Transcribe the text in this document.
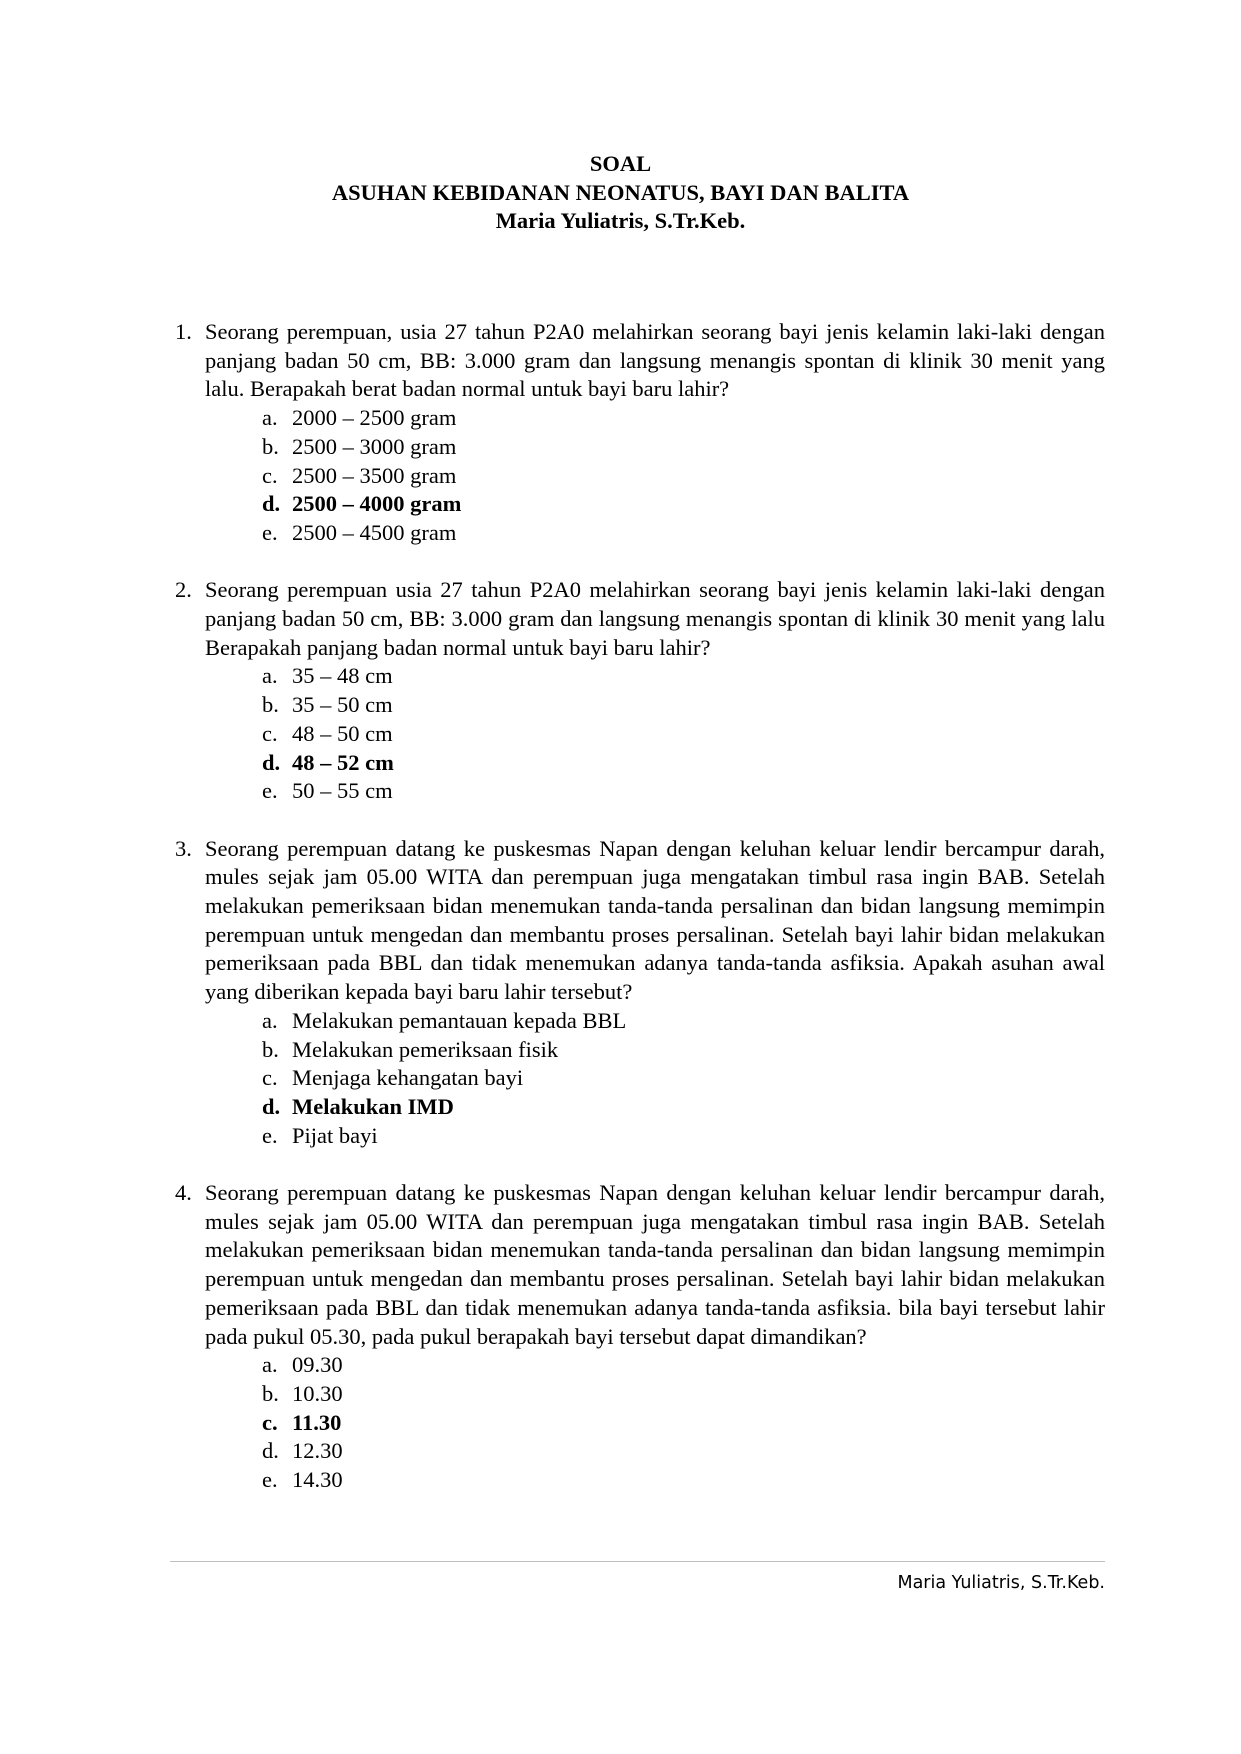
SOAL
ASUHAN KEBIDANAN NEONATUS, BAYI DAN BALITA
Maria Yuliatris, S.Tr.Keb.
1. Seorang perempuan, usia 27 tahun P2A0 melahirkan seorang bayi jenis kelamin laki-laki dengan panjang badan 50 cm, BB: 3.000 gram dan langsung menangis spontan di klinik 30 menit yang lalu. Berapakah berat badan normal untuk bayi baru lahir?
a. 2000 – 2500 gram
b. 2500 – 3000 gram
c. 2500 – 3500 gram
d. 2500 – 4000 gram
e. 2500 – 4500 gram
2. Seorang perempuan usia 27 tahun P2A0 melahirkan seorang bayi jenis kelamin laki-laki dengan panjang badan 50 cm, BB: 3.000 gram dan langsung menangis spontan di klinik 30 menit yang lalu Berapakah panjang badan normal untuk bayi baru lahir?
a. 35 – 48 cm
b. 35 – 50 cm
c. 48 – 50 cm
d. 48 – 52 cm
e. 50 – 55 cm
3. Seorang perempuan datang ke puskesmas Napan dengan keluhan keluar lendir bercampur darah, mules sejak jam 05.00 WITA dan perempuan juga mengatakan timbul rasa ingin BAB. Setelah melakukan pemeriksaan bidan menemukan tanda-tanda persalinan dan bidan langsung memimpin perempuan untuk mengedan dan membantu proses persalinan. Setelah bayi lahir bidan melakukan pemeriksaan pada BBL dan tidak menemukan adanya tanda-tanda asfiksia. Apakah asuhan awal yang diberikan kepada bayi baru lahir tersebut?
a. Melakukan pemantauan kepada BBL
b. Melakukan pemeriksaan fisik
c. Menjaga kehangatan bayi
d. Melakukan IMD
e. Pijat bayi
4. Seorang perempuan datang ke puskesmas Napan dengan keluhan keluar lendir bercampur darah, mules sejak jam 05.00 WITA dan perempuan juga mengatakan timbul rasa ingin BAB. Setelah melakukan pemeriksaan bidan menemukan tanda-tanda persalinan dan bidan langsung memimpin perempuan untuk mengedan dan membantu proses persalinan. Setelah bayi lahir bidan melakukan pemeriksaan pada BBL dan tidak menemukan adanya tanda-tanda asfiksia. bila bayi tersebut lahir pada pukul 05.30, pada pukul berapakah bayi tersebut dapat dimandikan?
a. 09.30
b. 10.30
c. 11.30
d. 12.30
e. 14.30
Maria Yuliatris, S.Tr.Keb.
